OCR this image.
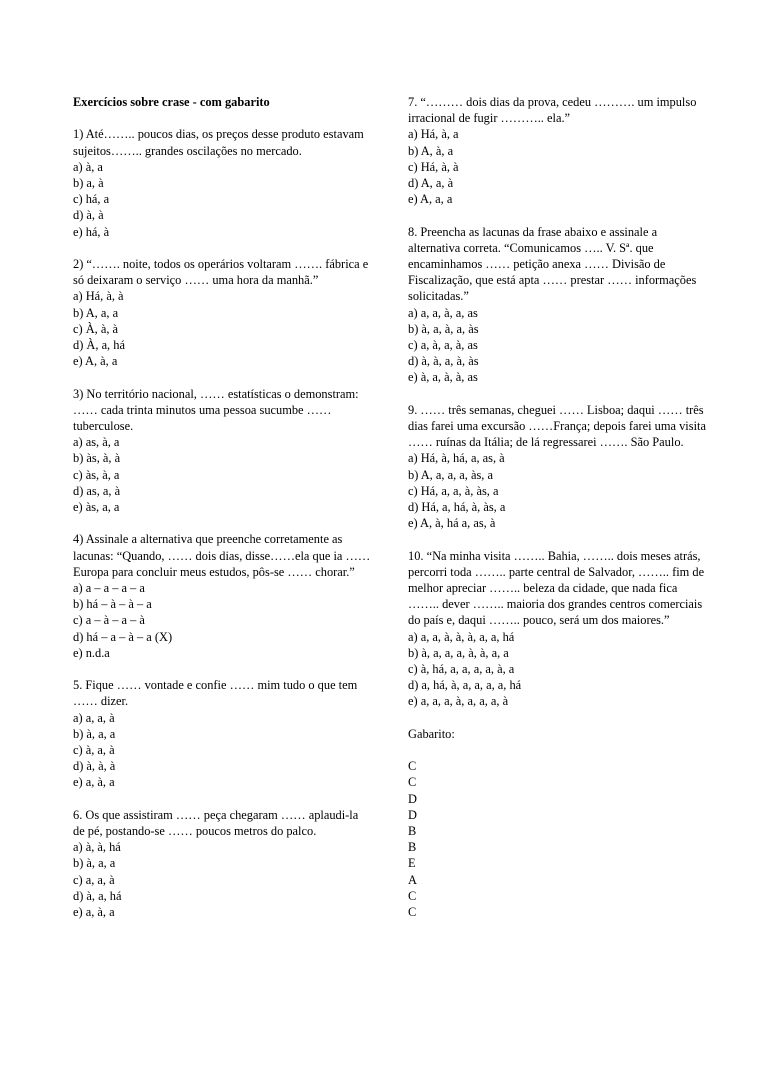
Exercícios sobre crase - com gabarito
1) Até…….. poucos dias, os preços desse produto estavam sujeitos…….. grandes oscilações no mercado.
a) à, a
b) a, à
c) há, a
d) à, à
e) há, à
2) “……. noite, todos os operários voltaram ……. fábrica e só deixaram o serviço …… uma hora da manhã.”
a) Há, à, à
b) A, a, a
c) À, à, à
d) À, a, há
e) A, à, a
3) No território nacional, …… estatísticas o demonstram: …… cada trinta minutos uma pessoa sucumbe …… tuberculose.
a) as, à, a
b) às, à, à
c) às, à, a
d) as, a, à
e) às, a, a
4) Assinale a alternativa que preenche corretamente as lacunas: “Quando, …… dois dias, disse……ela que ia …… Europa para concluir meus estudos, pôs-se …… chorar.”
a) a – a – a – a
b) há – à – à – a
c) a – à – a – à
d) há – a – à – a (X)
e) n.d.a
5. Fique …… vontade e confie …… mim tudo o que tem …… dizer.
a) a, a, à
b) à, a, a
c) à, a, à
d) à, à, à
e) a, à, a
6. Os que assistiram …… peça chegaram …… aplaudi-la de pé, postando-se …… poucos metros do palco.
a) à, à, há
b) à, a, a
c) a, a, à
d) à, a, há
e) a, à, a
7. “……… dois dias da prova, cedeu ………. um impulso irracional de fugir ……….. ela.”
a) Há, à, a
b) A, à, a
c) Há, à, à
d) A, a, à
e) A, a, a
8. Preencha as lacunas da frase abaixo e assinale a alternativa correta. “Comunicamos ….. V. Sª. que encaminhamos …… petição anexa …… Divisão de Fiscalização, que está apta …… prestar …… informações solicitadas.”
a) a, a, à, a, as
b) à, a, à, a, às
c) a, à, a, à, as
d) à, à, a, à, às
e) à, a, à, à, as
9. …… três semanas, cheguei …… Lisboa; daqui …… três dias farei uma excursão ……França; depois farei uma visita …… ruínas da Itália; de lá regressarei ……. São Paulo.
a) Há, à, há, a, as, à
b) A, a, a, a, às, a
c) Há, a, a, à, às, a
d) Há, a, há, à, às, a
e) A, à, há a, as, à
10. “Na minha visita …….. Bahia, …….. dois meses atrás, percorri toda …….. parte central de Salvador, …….. fim de melhor apreciar …….. beleza da cidade, que nada fica …….. dever …….. maioria dos grandes centros comerciais do país e, daqui …….. pouco, será um dos maiores.”
a) a, a, à, à, à, a, a, há
b) à, a, a, a, à, à, a, a
c) à, há, a, a, a, a, à, a
d) a, há, à, a, a, a, a, há
e) a, a, a, à, a, a, a, à
Gabarito:
C
C
D
D
B
B
E
A
C
C
